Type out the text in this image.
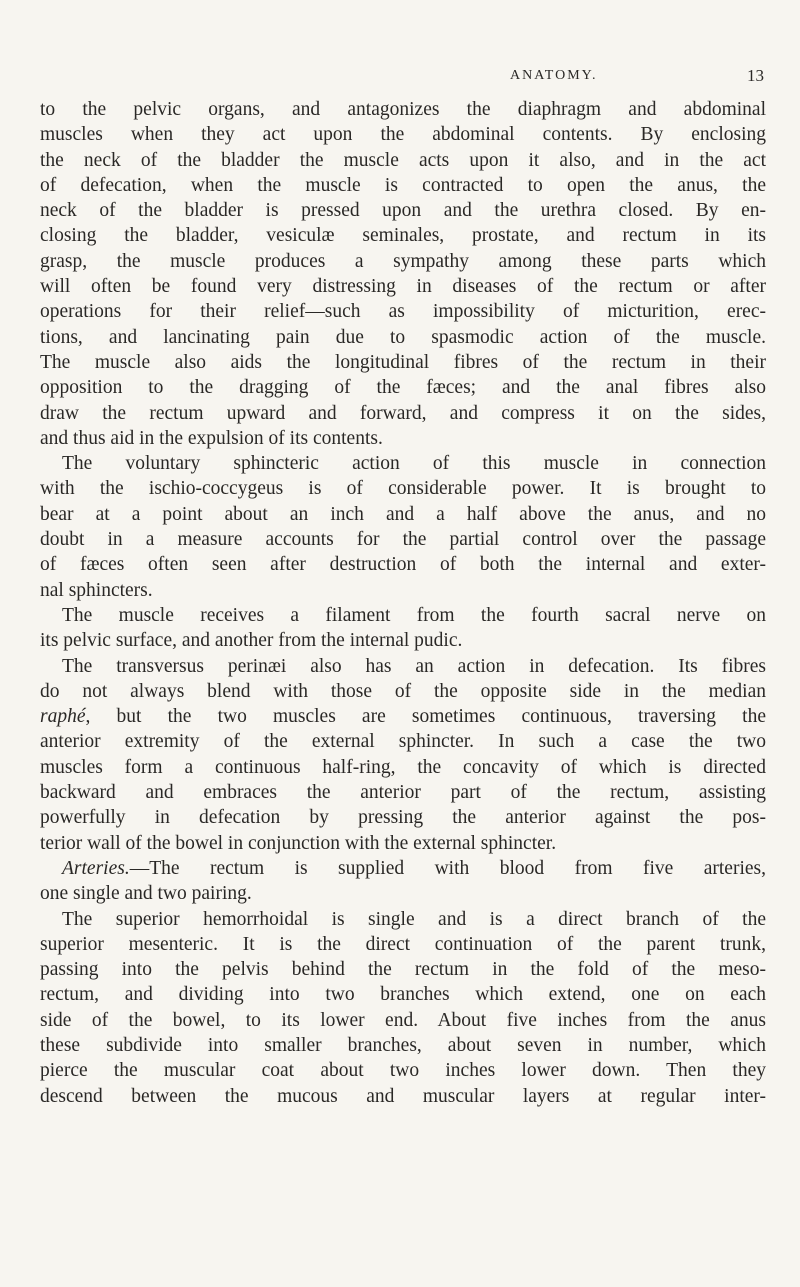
ANATOMY.	13
to the pelvic organs, and antagonizes the diaphragm and abdominal
muscles when they act upon the abdominal contents. By enclosing
the neck of the bladder the muscle acts upon it also, and in the act
of defecation, when the muscle is contracted to open the anus, the
neck of the bladder is pressed upon and the urethra closed. By en-
closing the bladder, vesiculæ seminales, prostate, and rectum in its
grasp, the muscle produces a sympathy among these parts which
will often be found very distressing in diseases of the rectum or after
operations for their relief—such as impossibility of micturition, erec-
tions, and lancinating pain due to spasmodic action of the muscle.
The muscle also aids the longitudinal fibres of the rectum in their
opposition to the dragging of the fæces; and the anal fibres also
draw the rectum upward and forward, and compress it on the sides,
and thus aid in the expulsion of its contents.
The voluntary sphincteric action of this muscle in connection
with the ischio-coccygeus is of considerable power. It is brought to
bear at a point about an inch and a half above the anus, and no
doubt in a measure accounts for the partial control over the passage
of fæces often seen after destruction of both the internal and exter-
nal sphincters.
The muscle receives a filament from the fourth sacral nerve on
its pelvic surface, and another from the internal pudic.
The transversus perinæi also has an action in defecation. Its fibres
do not always blend with those of the opposite side in the median
raphé, but the two muscles are sometimes continuous, traversing the
anterior extremity of the external sphincter. In such a case the two
muscles form a continuous half-ring, the concavity of which is directed
backward and embraces the anterior part of the rectum, assisting
powerfully in defecation by pressing the anterior against the pos-
terior wall of the bowel in conjunction with the external sphincter.
Arteries.—The rectum is supplied with blood from five arteries,
one single and two pairing.
The superior hemorrhoidal is single and is a direct branch of the
superior mesenteric. It is the direct continuation of the parent trunk,
passing into the pelvis behind the rectum in the fold of the meso-
rectum, and dividing into two branches which extend, one on each
side of the bowel, to its lower end. About five inches from the anus
these subdivide into smaller branches, about seven in number, which
pierce the muscular coat about two inches lower down. Then they
descend between the mucous and muscular layers at regular inter-
